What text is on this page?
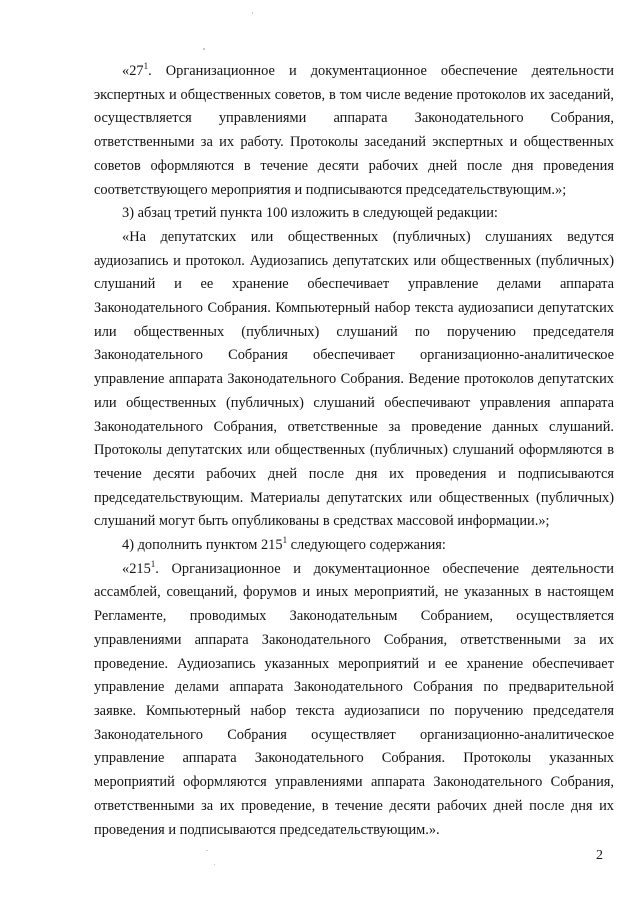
«$27^1$. Организационное и документационное обеспечение деятельности экспертных и общественных советов, в том числе ведение протоколов их заседаний, осуществляется управлениями аппарата Законодательного Собрания, ответственными за их работу. Протоколы заседаний экспертных и общественных советов оформляются в течение десяти рабочих дней после дня проведения соответствующего мероприятия и подписываются председательствующим.»;

3) абзац третий пункта 100 изложить в следующей редакции:

«На депутатских или общественных (публичных) слушаниях ведутся аудиозапись и протокол. Аудиозапись депутатских или общественных (публичных) слушаний и ее хранение обеспечивает управление делами аппарата Законодательного Собрания. Компьютерный набор текста аудиозаписи депутатских или общественных (публичных) слушаний по поручению председателя Законодательного Собрания обеспечивает организационно-аналитическое управление аппарата Законодательного Собрания. Ведение протоколов депутатских или общественных (публичных) слушаний обеспечивают управления аппарата Законодательного Собрания, ответственные за проведение данных слушаний. Протоколы депутатских или общественных (публичных) слушаний оформляются в течение десяти рабочих дней после дня их проведения и подписываются председательствующим. Материалы депутатских или общественных (публичных) слушаний могут быть опубликованы в средствах массовой информации.»;

4) дополнить пунктом $215^1$ следующего содержания:

«$215^1$. Организационное и документационное обеспечение деятельности ассамблей, совещаний, форумов и иных мероприятий, не указанных в настоящем Регламенте, проводимых Законодательным Собранием, осуществляется управлениями аппарата Законодательного Собрания, ответственными за их проведение. Аудиозапись указанных мероприятий и ее хранение обеспечивает управление делами аппарата Законодательного Собрания по предварительной заявке. Компьютерный набор текста аудиозаписи по поручению председателя Законодательного Собрания осуществляет организационно-аналитическое управление аппарата Законодательного Собрания. Протоколы указанных мероприятий оформляются управлениями аппарата Законодательного Собрания, ответственными за их проведение, в течение десяти рабочих дней после дня их проведения и подписываются председательствующим.».

2
